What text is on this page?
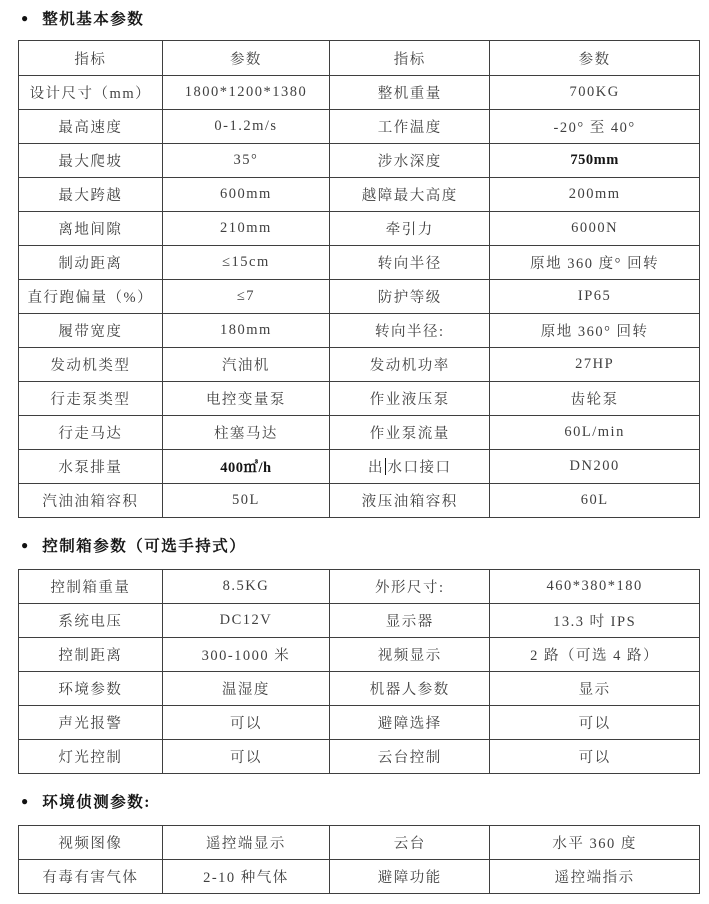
● 整机基本参数
指标	参数	指标	参数
设计尺寸（mm）	1800*1200*1380	整机重量	700KG
最高速度	0-1.2m/s	工作温度	-20° 至 40°
最大爬坡	35°	涉水深度	750mm
最大跨越	600mm	越障最大高度	200mm
离地间隙	210mm	牵引力	6000N
制动距离	≤15cm	转向半径	原地 360 度° 回转
直行跑偏量（%）	≤7	防护等级	IP65
履带宽度	180mm	转向半径:	原地 360° 回转
发动机类型	汽油机	发动机功率	27HP
行走泵类型	电控变量泵	作业液压泵	齿轮泵
行走马达	柱塞马达	作业泵流量	60L/min
水泵排量	400㎥/h	出 水口接口	DN200
汽油油箱容积	50L	液压油箱容积	60L
● 控制箱参数（可选手持式）
控制箱重量	8.5KG	外形尺寸:	460*380*180
系统电压	DC12V	显示器	13.3 吋 IPS
控制距离	300-1000 米	视频显示	2 路（可选 4 路）
环境参数	温湿度	机器人参数	显示
声光报警	可以	避障选择	可以
灯光控制	可以	云台控制	可以
● 环境侦测参数:
视频图像	遥控端显示	云台	水平 360 度
有毒有害气体	2-10 种气体	避障功能	遥控端指示
